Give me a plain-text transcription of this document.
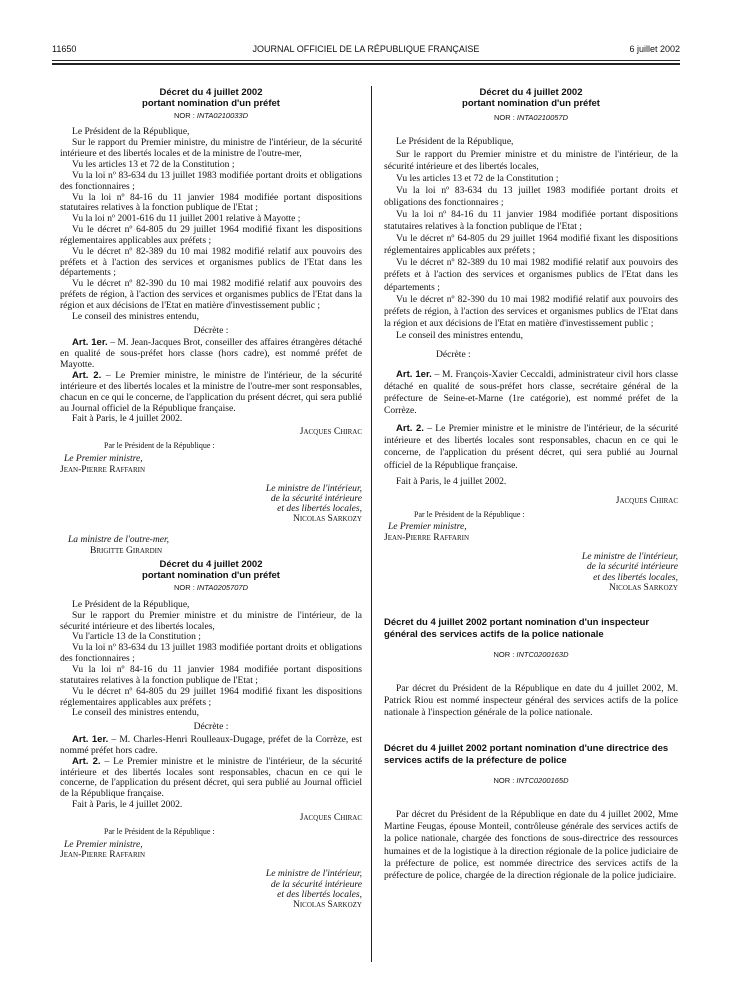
11650	JOURNAL OFFICIEL DE LA RÉPUBLIQUE FRANÇAISE	6 juillet 2002
Décret du 4 juillet 2002
portant nomination d'un préfet
NOR : INTA0210033D

Le Président de la République,

Sur le rapport du Premier ministre, du ministre de l'intérieur, de la sécurité intérieure et des libertés locales et de la ministre de l'outre-mer,

Vu les articles 13 et 72 de la Constitution ;

Vu la loi nº 83-634 du 13 juillet 1983 modifiée portant droits et obligations des fonctionnaires ;

Vu la loi nº 84-16 du 11 janvier 1984 modifiée portant dispositions statutaires relatives à la fonction publique de l'Etat ;

Vu la loi nº 2001-616 du 11 juillet 2001 relative à Mayotte ;

Vu le décret nº 64-805 du 29 juillet 1964 modifié fixant les dispositions réglementaires applicables aux préfets ;

Vu le décret nº 82-389 du 10 mai 1982 modifié relatif aux pouvoirs des préfets et à l'action des services et organismes publics de l'Etat dans les départements ;

Vu le décret nº 82-390 du 10 mai 1982 modifié relatif aux pouvoirs des préfets de région, à l'action des services et organismes publics de l'Etat dans la région et aux décisions de l'Etat en matière d'investissement public ;

Le conseil des ministres entendu,

Décrète :

Art. 1er. – M. Jean-Jacques Brot, conseiller des affaires étrangères détaché en qualité de sous-préfet hors classe (hors cadre), est nommé préfet de Mayotte.

Art. 2. – Le Premier ministre, le ministre de l'intérieur, de la sécurité intérieure et des libertés locales et la ministre de l'outre-mer sont responsables, chacun en ce qui le concerne, de l'application du présent décret, qui sera publié au Journal officiel de la République française.

Fait à Paris, le 4 juillet 2002.

Jacques Chirac
Par le Président de la République :
Le Premier ministre,
Jean-Pierre Raffarin
Le ministre de l'intérieur,
de la sécurité intérieure
et des libertés locales,
Nicolas Sarkozy
La ministre de l'outre-mer,
Brigitte Girardin
Décret du 4 juillet 2002
portant nomination d'un préfet
NOR : INTA0205707D

Le Président de la République,

Sur le rapport du Premier ministre et du ministre de l'intérieur, de la sécurité intérieure et des libertés locales,

Vu l'article 13 de la Constitution ;

Vu la loi nº 83-634 du 13 juillet 1983 modifiée portant droits et obligations des fonctionnaires ;

Vu la loi nº 84-16 du 11 janvier 1984 modifiée portant dispositions statutaires relatives à la fonction publique de l'Etat ;

Vu le décret nº 64-805 du 29 juillet 1964 modifié fixant les dispositions réglementaires applicables aux préfets ;

Le conseil des ministres entendu,

Décrète :

Art. 1er. – M. Charles-Henri Roulleaux-Dugage, préfet de la Corrèze, est nommé préfet hors cadre.

Art. 2. – Le Premier ministre et le ministre de l'intérieur, de la sécurité intérieure et des libertés locales sont responsables, chacun en ce qui le concerne, de l'application du présent décret, qui sera publié au Journal officiel de la République française.

Fait à Paris, le 4 juillet 2002.

Jacques Chirac
Par le Président de la République :
Le Premier ministre,
Jean-Pierre Raffarin
Le ministre de l'intérieur,
de la sécurité intérieure
et des libertés locales,
Nicolas Sarkozy
Décret du 4 juillet 2002
portant nomination d'un préfet
NOR : INTA0210057D

Le Président de la République,

Sur le rapport du Premier ministre et du ministre de l'intérieur, de la sécurité intérieure et des libertés locales,

Vu les articles 13 et 72 de la Constitution ;

Vu la loi nº 83-634 du 13 juillet 1983 modifiée portant droits et obligations des fonctionnaires ;

Vu la loi nº 84-16 du 11 janvier 1984 modifiée portant dispositions statutaires relatives à la fonction publique de l'Etat ;

Vu le décret nº 64-805 du 29 juillet 1964 modifié fixant les dispositions réglementaires applicables aux préfets ;

Vu le décret nº 82-389 du 10 mai 1982 modifié relatif aux pouvoirs des préfets et à l'action des services et organismes publics de l'Etat dans les départements ;

Vu le décret nº 82-390 du 10 mai 1982 modifié relatif aux pouvoirs des préfets de région, à l'action des services et organismes publics de l'Etat dans la région et aux décisions de l'Etat en matière d'investissement public ;

Le conseil des ministres entendu,

Décrète :

Art. 1er. – M. François-Xavier Ceccaldi, administrateur civil hors classe détaché en qualité de sous-préfet hors classe, secrétaire général de la préfecture de Seine-et-Marne (1re catégorie), est nommé préfet de la Corrèze.

Art. 2. – Le Premier ministre et le ministre de l'intérieur, de la sécurité intérieure et des libertés locales sont responsables, chacun en ce qui le concerne, de l'application du présent décret, qui sera publié au Journal officiel de la République française.

Fait à Paris, le 4 juillet 2002.

Jacques Chirac
Par le Président de la République :
Le Premier ministre,
Jean-Pierre Raffarin
Le ministre de l'intérieur,
de la sécurité intérieure
et des libertés locales,
Nicolas Sarkozy
Décret du 4 juillet 2002 portant nomination d'un inspecteur général des services actifs de la police nationale
NOR : INTC0200163D

Par décret du Président de la République en date du 4 juillet 2002, M. Patrick Riou est nommé inspecteur général des services actifs de la police nationale à l'inspection générale de la police nationale.

Décret du 4 juillet 2002 portant nomination d'une directrice des services actifs de la préfecture de police
NOR : INTC0200165D

Par décret du Président de la République en date du 4 juillet 2002, Mme Martine Feugas, épouse Monteil, contrôleuse générale des services actifs de la police nationale, chargée des fonctions de sous-directrice des ressources humaines et de la logistique à la direction régionale de la police judiciaire de la préfecture de police, est nommée directrice des services actifs de la préfecture de police, chargée de la direction régionale de la police judiciaire.
